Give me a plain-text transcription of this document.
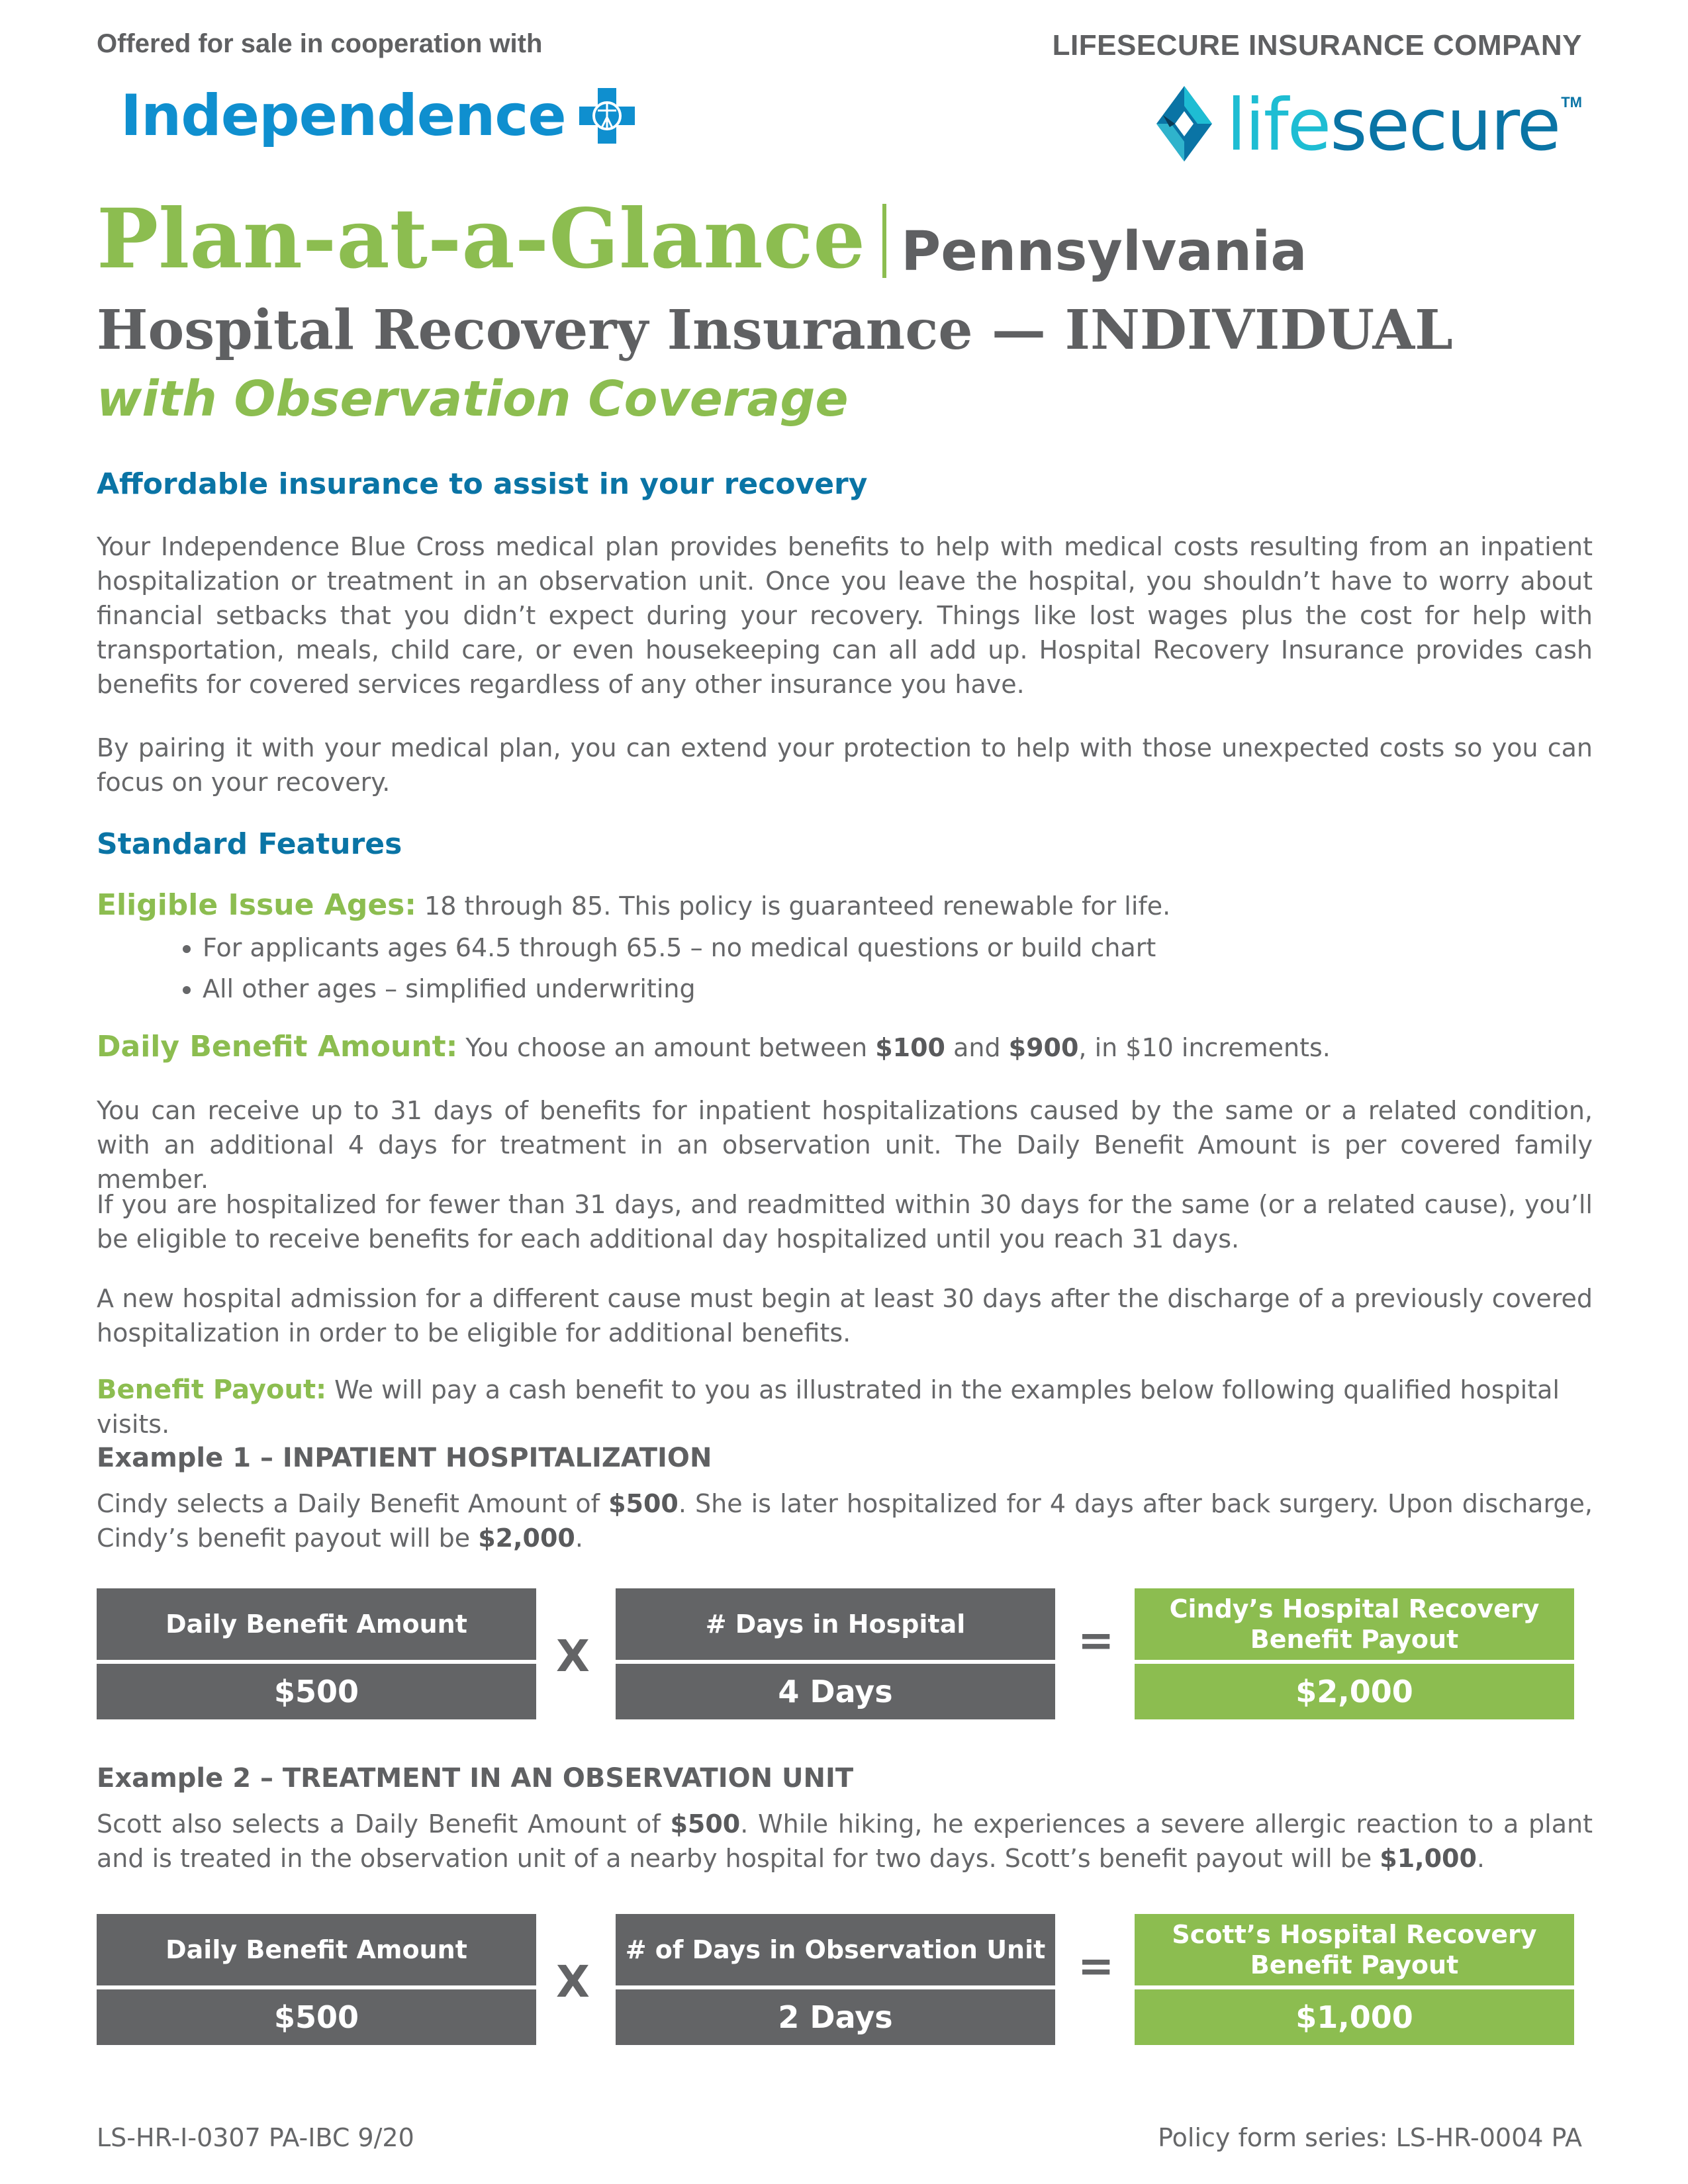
Offered for sale in cooperation with	LIFESECURE INSURANCE COMPANY
Independence	lifesecure TM
Plan-at-a-Glance Pennsylvania
Hospital Recovery Insurance — INDIVIDUAL
with Observation Coverage
Affordable insurance to assist in your recovery

Your Independence Blue Cross medical plan provides benefits to help with medical costs resulting from an inpatient hospitalization or treatment in an observation unit. Once you leave the hospital, you shouldn’t have to worry about financial setbacks that you didn’t expect during your recovery. Things like lost wages plus the cost for help with transportation, meals, child care, or even housekeeping can all add up. Hospital Recovery Insurance provides cash benefits for covered services regardless of any other insurance you have.

By pairing it with your medical plan, you can extend your protection to help with those unexpected costs so you can focus on your recovery.

Standard Features

Eligible Issue Ages: 18 through 85. This policy is guaranteed renewable for life.

• For applicants ages 64.5 through 65.5 – no medical questions or build chart
• All other ages – simplified underwriting

Daily Benefit Amount: You choose an amount between $100 and $900, in $10 increments.

You can receive up to 31 days of benefits for inpatient hospitalizations caused by the same or a related condition, with an additional 4 days for treatment in an observation unit. The Daily Benefit Amount is per covered family member.

If you are hospitalized for fewer than 31 days, and readmitted within 30 days for the same (or a related cause), you’ll be eligible to receive benefits for each additional day hospitalized until you reach 31 days.

A new hospital admission for a different cause must begin at least 30 days after the discharge of a previously covered hospitalization in order to be eligible for additional benefits.

Benefit Payout: We will pay a cash benefit to you as illustrated in the examples below following qualified hospital visits.

Example 1 – INPATIENT HOSPITALIZATION

Cindy selects a Daily Benefit Amount of $500. She is later hospitalized for 4 days after back surgery. Upon discharge, Cindy’s benefit payout will be $2,000.

Daily Benefit Amount
$500
X
# Days in Hospital
4 Days
=
Cindy’s Hospital Recovery Benefit Payout
$2,000
Example 2 – TREATMENT IN AN OBSERVATION UNIT

Scott also selects a Daily Benefit Amount of $500. While hiking, he experiences a severe allergic reaction to a plant and is treated in the observation unit of a nearby hospital for two days. Scott’s benefit payout will be $1,000.

Daily Benefit Amount
$500
X
# of Days in Observation Unit
2 Days
=
Scott’s Hospital Recovery Benefit Payout
$1,000
LS-HR-I-0307 PA-IBC 9/20	Policy form series: LS-HR-0004 PA
